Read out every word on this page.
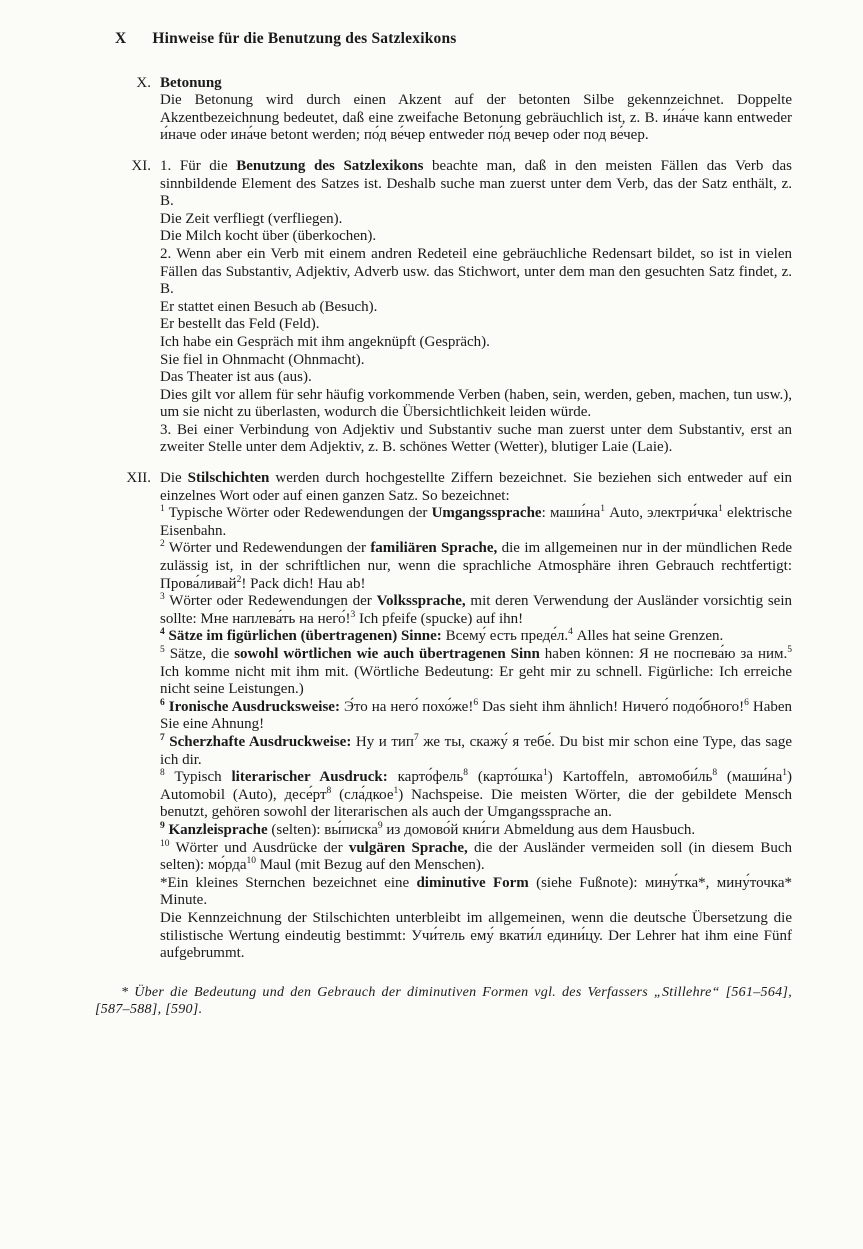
X Hinweise für die Benutzung des Satzlexikons
X. Betonung
Die Betonung wird durch einen Akzent auf der betonten Silbe gekennzeichnet. Doppelte Akzentbezeichnung bedeutet, daß eine zweifache Betonung gebräuchlich ist, z. B. и́на́че kann entweder и́наче oder ина́че betont werden; по́д ве́чер entweder по́д вечер oder под ве́чер.
XI. 1. Für die Benutzung des Satzlexikons beachte man, daß in den meisten Fällen das Verb das sinnbildende Element des Satzes ist. Deshalb suche man zuerst unter dem Verb, das der Satz enthält, z. B.
Die Zeit verfliegt (verfliegen).
Die Milch kocht über (überkochen).
2. Wenn aber ein Verb mit einem andren Redeteil eine gebräuchliche Redensart bildet, so ist in vielen Fällen das Substantiv, Adjektiv, Adverb usw. das Stichwort, unter dem man den gesuchten Satz findet, z. B.
Er stattet einen Besuch ab (Besuch).
Er bestellt das Feld (Feld).
Ich habe ein Gespräch mit ihm angeknüpft (Gespräch).
Sie fiel in Ohnmacht (Ohnmacht).
Das Theater ist aus (aus).
Dies gilt vor allem für sehr häufig vorkommende Verben (haben, sein, werden, geben, machen, tun usw.), um sie nicht zu überlasten, wodurch die Übersichtlichkeit leiden würde.
3. Bei einer Verbindung von Adjektiv und Substantiv suche man zuerst unter dem Substantiv, erst an zweiter Stelle unter dem Adjektiv, z. B. schönes Wetter (Wetter), blutiger Laie (Laie).
XII. Die Stilschichten werden durch hochgestellte Ziffern bezeichnet. Sie beziehen sich entweder auf ein einzelnes Wort oder auf einen ganzen Satz. So bezeichnet:
$^1$ Typische Wörter oder Redewendungen der Umgangssprache: $маши́на^1$ Auto, электри́чка$^1$ elektrische Eisenbahn.
$^2$ Wörter und Redewendungen der familiären Sprache, die im allgemeinen nur in der mündlichen Rede zulässig ist, in der schriftlichen nur, wenn die sprachliche Atmosphäre ihren Gebrauch rechtfertigt: Прова́ливай$^2$! Pack dich! Hau ab!
$^3$ Wörter oder Redewendungen der Volkssprache, mit deren Verwendung der Ausländer vorsichtig sein sollte: Мне наплева́ть на него́!$^3$ Ich pfeife (spucke) auf ihn!
$^4$ Sätze im figürlichen (übertragenen) Sinne: Всему́ есть преде́л.$^4$ Alles hat seine Grenzen.
$^5$ Sätze, die sowohl wörtlichen wie auch übertragenen Sinn haben können: Я не поспева́ю за ним.$^5$ Ich komme nicht mit ihm mit. (Wörtliche Bedeutung: Er geht mir zu schnell. Figürliche: Ich erreiche nicht seine Leistungen.)
$^6$ Ironische Ausdrucksweise: Э́то на него́ похо́же!$^6$ Das sieht ihm ähnlich! Ничего́ подо́бного!$^6$ Haben Sie eine Ahnung!
$^7$ Scherzhafte Ausdruckweise: Ну и тип$^7$ же ты, скажу́ я тебе́. Du bist mir schon eine Type, das sage ich dir.
$^8$ Typisch literarischer Ausdruck: карто́фель$^8$ (карто́шка$^1$) Kartoffeln, $автомоби́ль^8$ $(маши́на^1)$ Automobil (Auto), $десе́рт^8$ (сла́дкое$^1$) Nachspeise. Die meisten Wörter, die der gebildete Mensch benutzt, gehören sowohl der literarischen als auch der Umgangssprache an.
$^9$ Kanzleisprache (selten): вы́писка$^9$ из домово́й кни́ги Abmeldung aus dem Hausbuch.
$^{10}$ Wörter und Ausdrücke der vulgären Sprache, die der Ausländer vermeiden soll (in diesem Buch selten): мо́рда$^{10}$ Maul (mit Bezug auf den Menschen).
*Ein kleines Sternchen bezeichnet eine diminutive Form (siehe Fußnote): мину́тка*, мину́точка* Minute.
Die Kennzeichnung der Stilschichten unterbleibt im allgemeinen, wenn die deutsche Übersetzung die stilistische Wertung eindeutig bestimmt: Учи́тель ему́ вкати́л едини́цу. Der Lehrer hat ihm eine Fünf aufgebrummt.
* Über die Bedeutung und den Gebrauch der diminutiven Formen vgl. des Verfassers „Stillehre“ [561–564], [587–588], [590].
